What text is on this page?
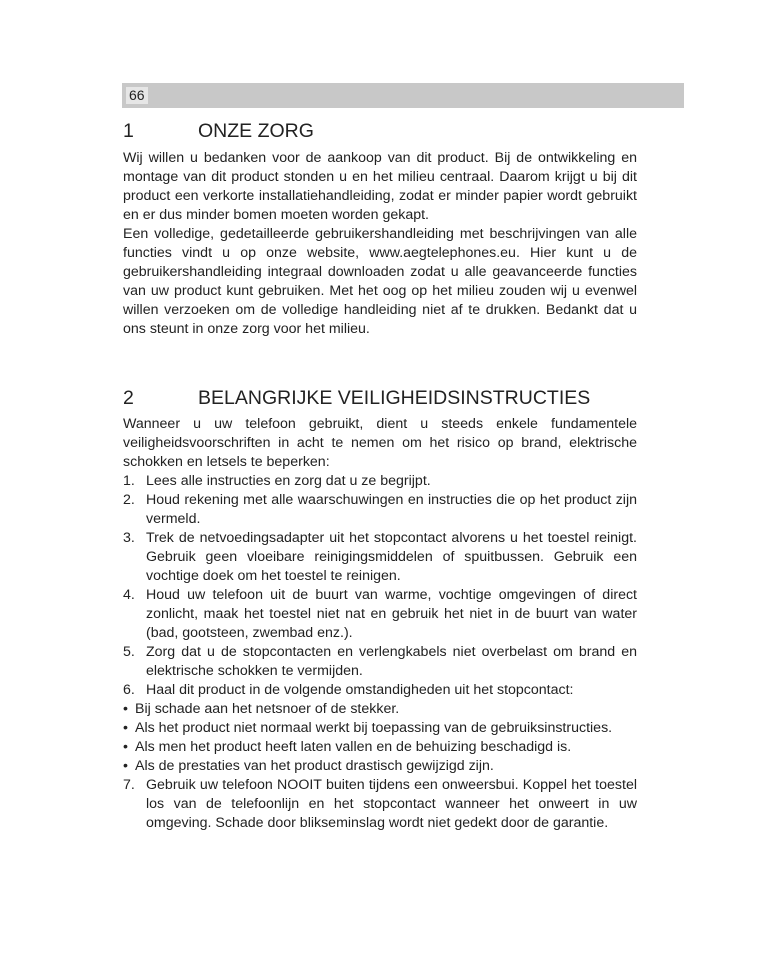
66
1	ONZE ZORG

Wij willen u bedanken voor de aankoop van dit product. Bij de ontwikkeling en montage van dit product stonden u en het milieu centraal. Daarom krijgt u bij dit product een verkorte installatiehandleiding, zodat er minder papier wordt gebruikt en er dus minder bomen moeten worden gekapt.

Een volledige, gedetailleerde gebruikershandleiding met beschrijvingen van alle functies vindt u op onze website, www.aegtelephones.eu. Hier kunt u de gebruikershandleiding integraal downloaden zodat u alle geavanceerde functies van uw product kunt gebruiken. Met het oog op het milieu zouden wij u evenwel willen verzoeken om de volledige handleiding niet af te drukken. Bedankt dat u ons steunt in onze zorg voor het milieu.

2	BELANGRIJKE VEILIGHEIDSINSTRUCTIES

Wanneer u uw telefoon gebruikt, dient u steeds enkele fundamentele veiligheidsvoorschriften in acht te nemen om het risico op brand, elektrische schokken en letsels te beperken:

1. Lees alle instructies en zorg dat u ze begrijpt.
2. Houd rekening met alle waarschuwingen en instructies die op het product zijn vermeld.
3. Trek de netvoedingsadapter uit het stopcontact alvorens u het toestel reinigt. Gebruik geen vloeibare reinigingsmiddelen of spuitbussen. Gebruik een vochtige doek om het toestel te reinigen.
4. Houd uw telefoon uit de buurt van warme, vochtige omgevingen of direct zonlicht, maak het toestel niet nat en gebruik het niet in de buurt van water (bad, gootsteen, zwembad enz.).
5. Zorg dat u de stopcontacten en verlengkabels niet overbelast om brand en elektrische schokken te vermijden.
6. Haal dit product in de volgende omstandigheden uit het stopcontact:
• Bij schade aan het netsnoer of de stekker.
• Als het product niet normaal werkt bij toepassing van de gebruiksinstructies.
• Als men het product heeft laten vallen en de behuizing beschadigd is.
• Als de prestaties van het product drastisch gewijzigd zijn.
7. Gebruik uw telefoon NOOIT buiten tijdens een onweersbui. Koppel het toestel los van de telefoonlijn en het stopcontact wanneer het onweert in uw omgeving. Schade door blikseminslag wordt niet gedekt door de garantie.
